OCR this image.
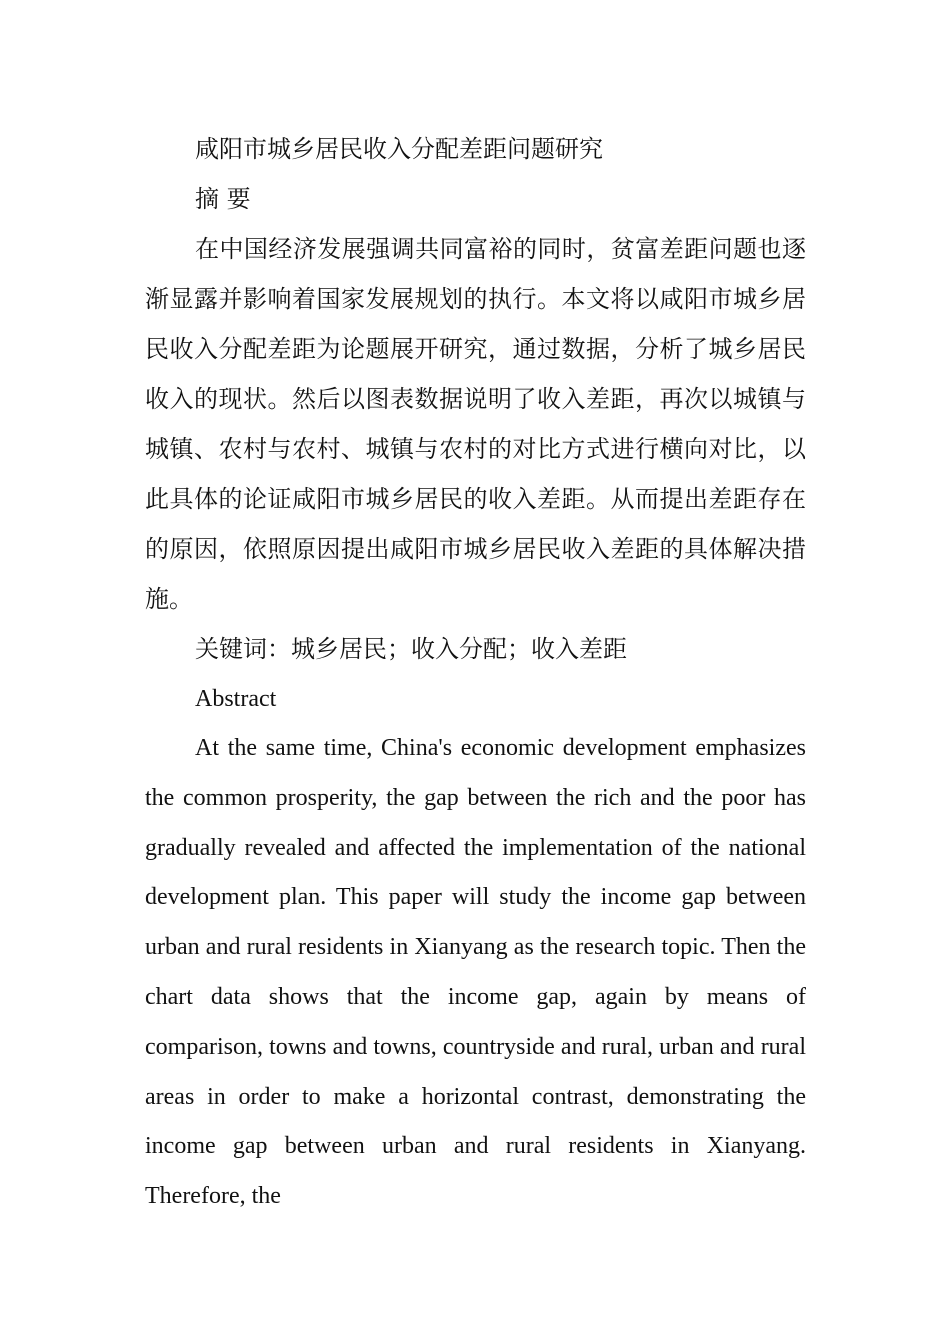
咸阳市城乡居民收入分配差距问题研究

摘 要

在中国经济发展强调共同富裕的同时，贫富差距问题也逐渐显露并影响着国家发展规划的执行。本文将以咸阳市城乡居民收入分配差距为论题展开研究，通过数据，分析了城乡居民收入的现状。然后以图表数据说明了收入差距，再次以城镇与城镇、农村与农村、城镇与农村的对比方式进行横向对比，以此具体的论证咸阳市城乡居民的收入差距。从而提出差距存在的原因，依照原因提出咸阳市城乡居民收入差距的具体解决措施。

关键词：城乡居民；收入分配；收入差距

Abstract

At the same time, China's economic development emphasizes the common prosperity, the gap between the rich and the poor has gradually revealed and affected the implementation of the national development plan. This paper will study the income gap between urban and rural residents in Xianyang as the research topic. Then the chart data shows that the income gap, again by means of comparison, towns and towns, countryside and rural, urban and rural areas in order to make a horizontal contrast, demonstrating the income gap between urban and rural residents in Xianyang. Therefore, the
